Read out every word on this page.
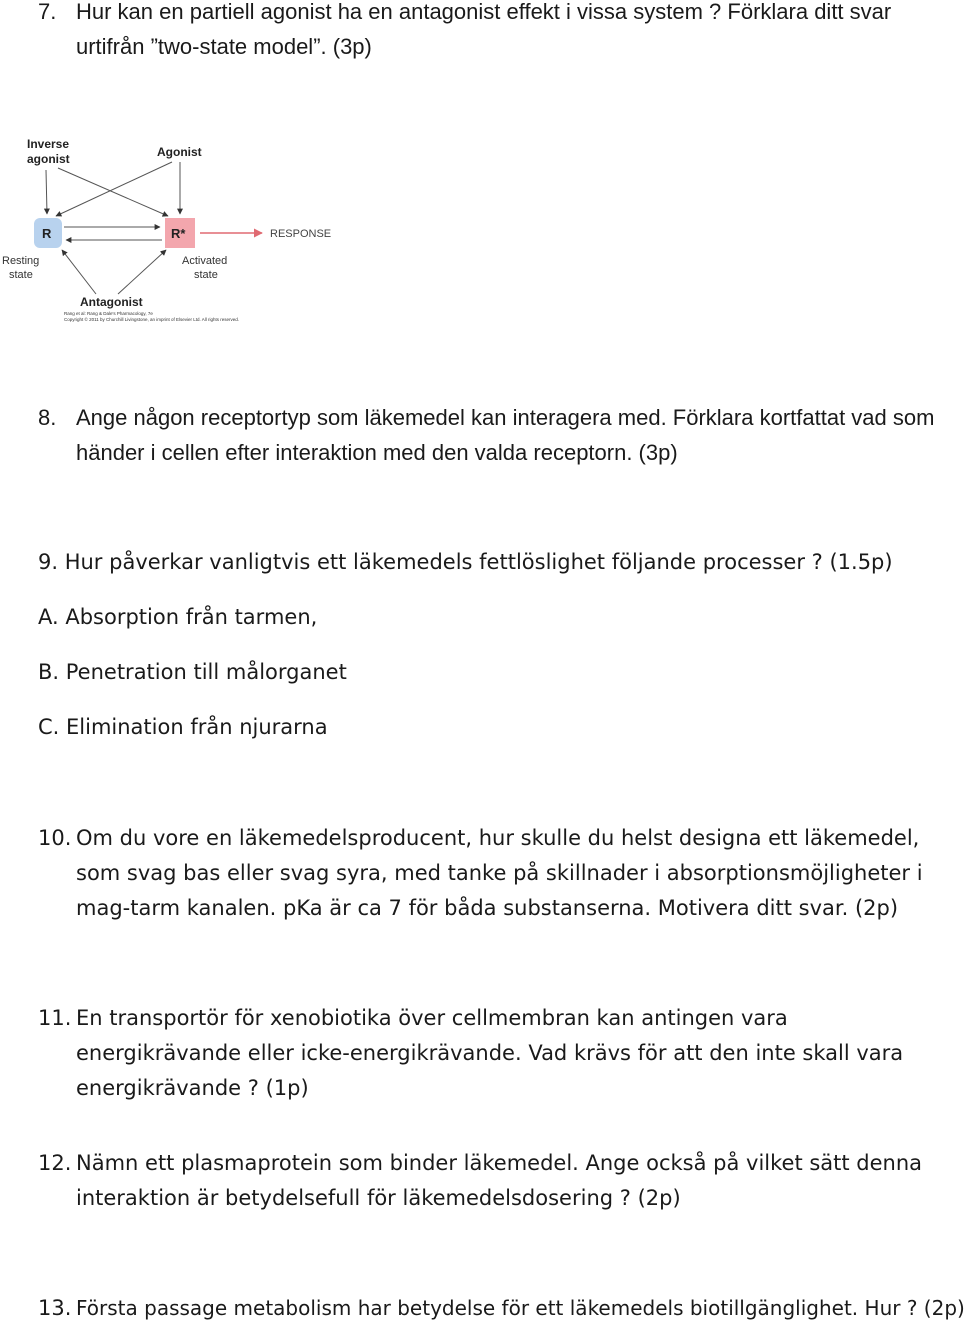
7. Hur kan en partiell agonist ha en antagonist effekt i vissa system ? Förklara ditt svar urtifrån ”two-state model”. (3p)
Inverse
agonist	Agonist
R	R*	RESPONSE
Resting
state
Activated
state
Antagonist
Rang et al: Rang & Dale's Pharmacology, 7e
Copyright © 2011 by Churchill Livingstone, an imprint of Elsevier Ltd. All rights reserved.
8. Ange någon receptortyp som läkemedel kan interagera med. Förklara kortfattat vad som händer i cellen efter interaktion med den valda receptorn. (3p)
9. Hur påverkar vanligtvis ett läkemedels fettlöslighet följande processer ? (1.5p)
A. Absorption från tarmen,
B. Penetration till målorganet
C. Elimination från njurarna
10. Om du vore en läkemedelsproducent, hur skulle du helst designa ett läkemedel, som svag bas eller svag syra, med tanke på skillnader i absorptionsmöjligheter i mag-tarm kanalen. pKa är ca 7 för båda substanserna. Motivera ditt svar. (2p)
11. En transportör för xenobiotika över cellmembran kan antingen vara energikrävande eller icke-energikrävande. Vad krävs för att den inte skall vara energikrävande ? (1p)
12. Nämn ett plasmaprotein som binder läkemedel. Ange också på vilket sätt denna interaktion är betydelsefull för läkemedelsdosering ? (2p)
13. Första passage metabolism har betydelse för ett läkemedels biotillgänglighet. Hur ? (2p)
